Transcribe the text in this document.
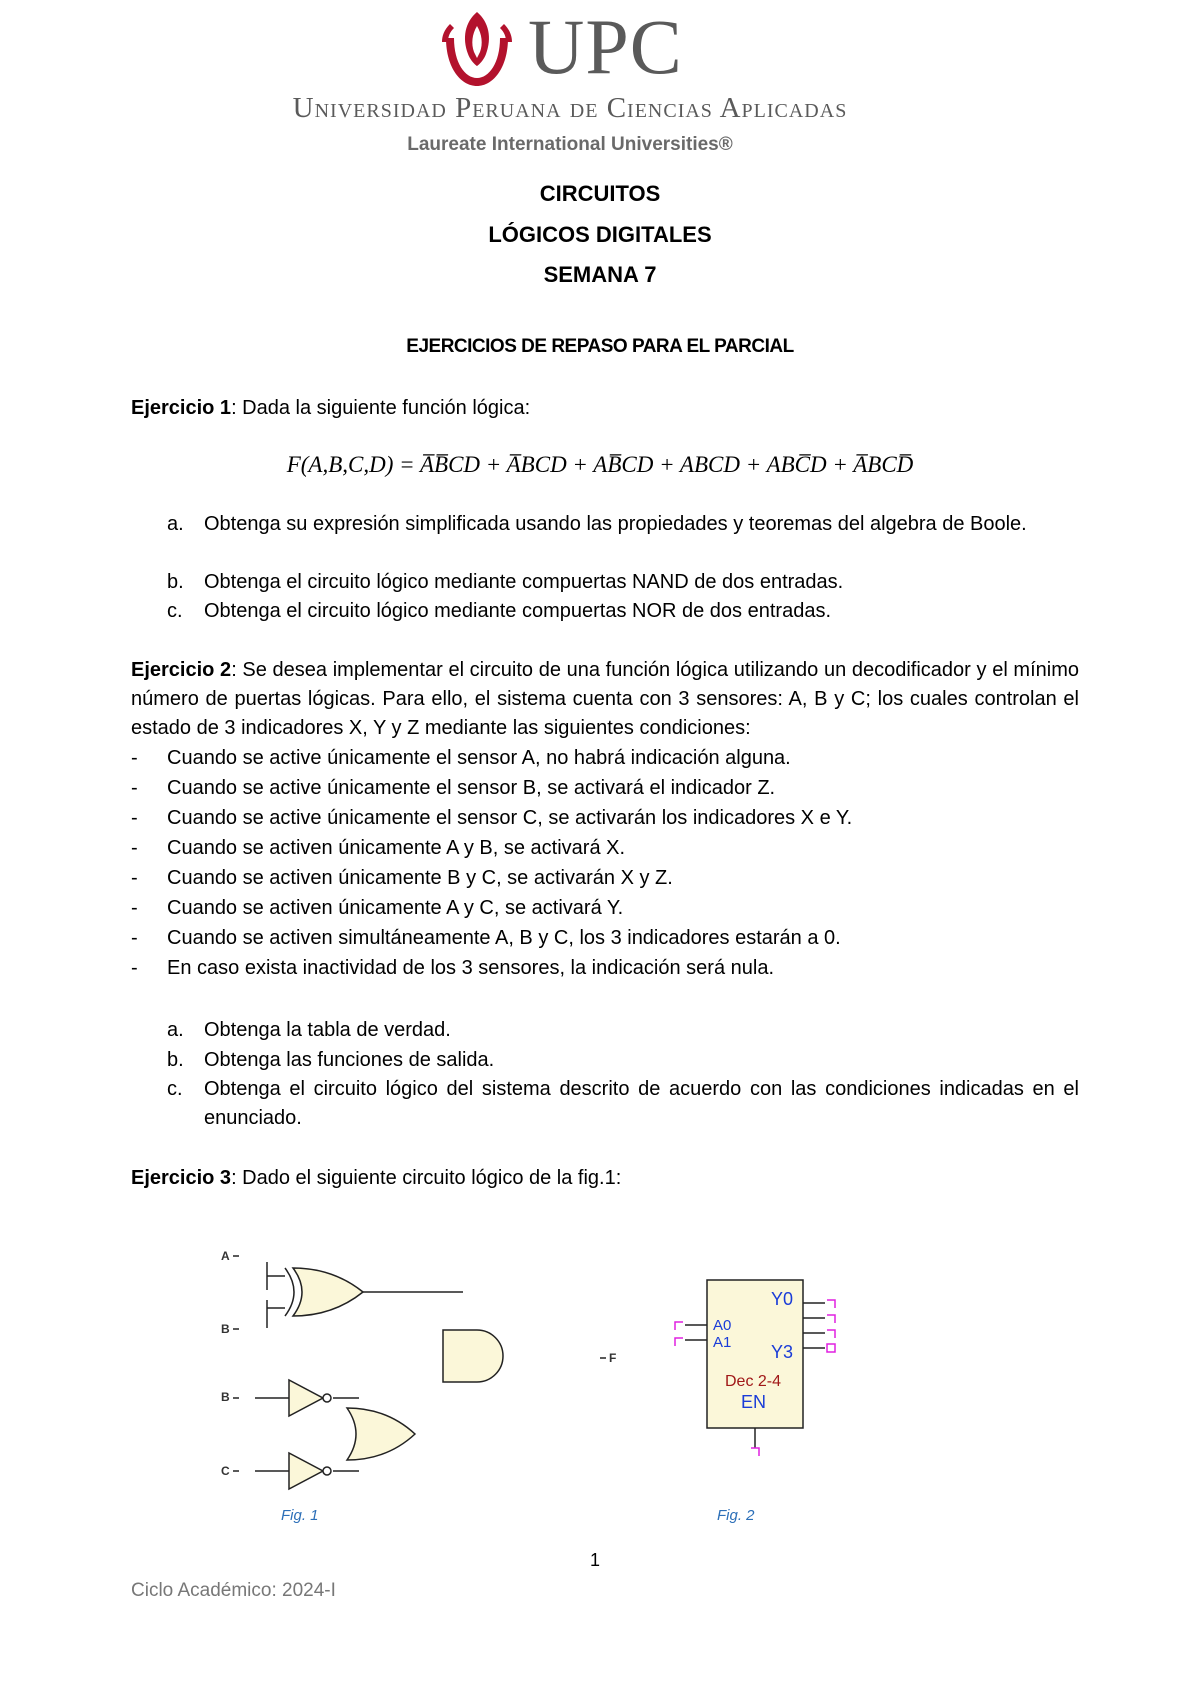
UPC
Universidad Peruana de Ciencias Aplicadas
Laureate International Universities®
CIRCUITOS
LÓGICOS DIGITALES
SEMANA 7
EJERCICIOS DE REPASO PARA EL PARCIAL
Ejercicio 1: Dada la siguiente función lógica:
F(A,B,C,D) = A̅B̅CD + A̅BCD + AB̅CD + ABCD + ABC̅D + A̅BCD̅
a. Obtenga su expresión simplificada usando las propiedades y teoremas del algebra de Boole.
b. Obtenga el circuito lógico mediante compuertas NAND de dos entradas.
c. Obtenga el circuito lógico mediante compuertas NOR de dos entradas.
Ejercicio 2: Se desea implementar el circuito de una función lógica utilizando un decodificador y el mínimo número de puertas lógicas. Para ello, el sistema cuenta con 3 sensores: A, B y C; los cuales controlan el estado de 3 indicadores X, Y y Z mediante las siguientes condiciones:
- Cuando se active únicamente el sensor A, no habrá indicación alguna.
- Cuando se active únicamente el sensor B, se activará el indicador Z.
- Cuando se active únicamente el sensor C, se activarán los indicadores X e Y.
- Cuando se activen únicamente A y B, se activará X.
- Cuando se activen únicamente B y C, se activarán X y Z.
- Cuando se activen únicamente A y C, se activará Y.
- Cuando se activen simultáneamente A, B y C, los 3 indicadores estarán a 0.
- En caso exista inactividad de los 3 sensores, la indicación será nula.
a. Obtenga la tabla de verdad.
b. Obtenga las funciones de salida.
c. Obtenga el circuito lógico del sistema descrito de acuerdo con las condiciones indicadas en el enunciado.
Ejercicio 3: Dado el siguiente circuito lógico de la fig.1:
A
B
B
C
F
Fig. 1
A0
A1
Y0
Y3
Dec 2-4
EN
Fig. 2
1
Ciclo Académico: 2024-I
